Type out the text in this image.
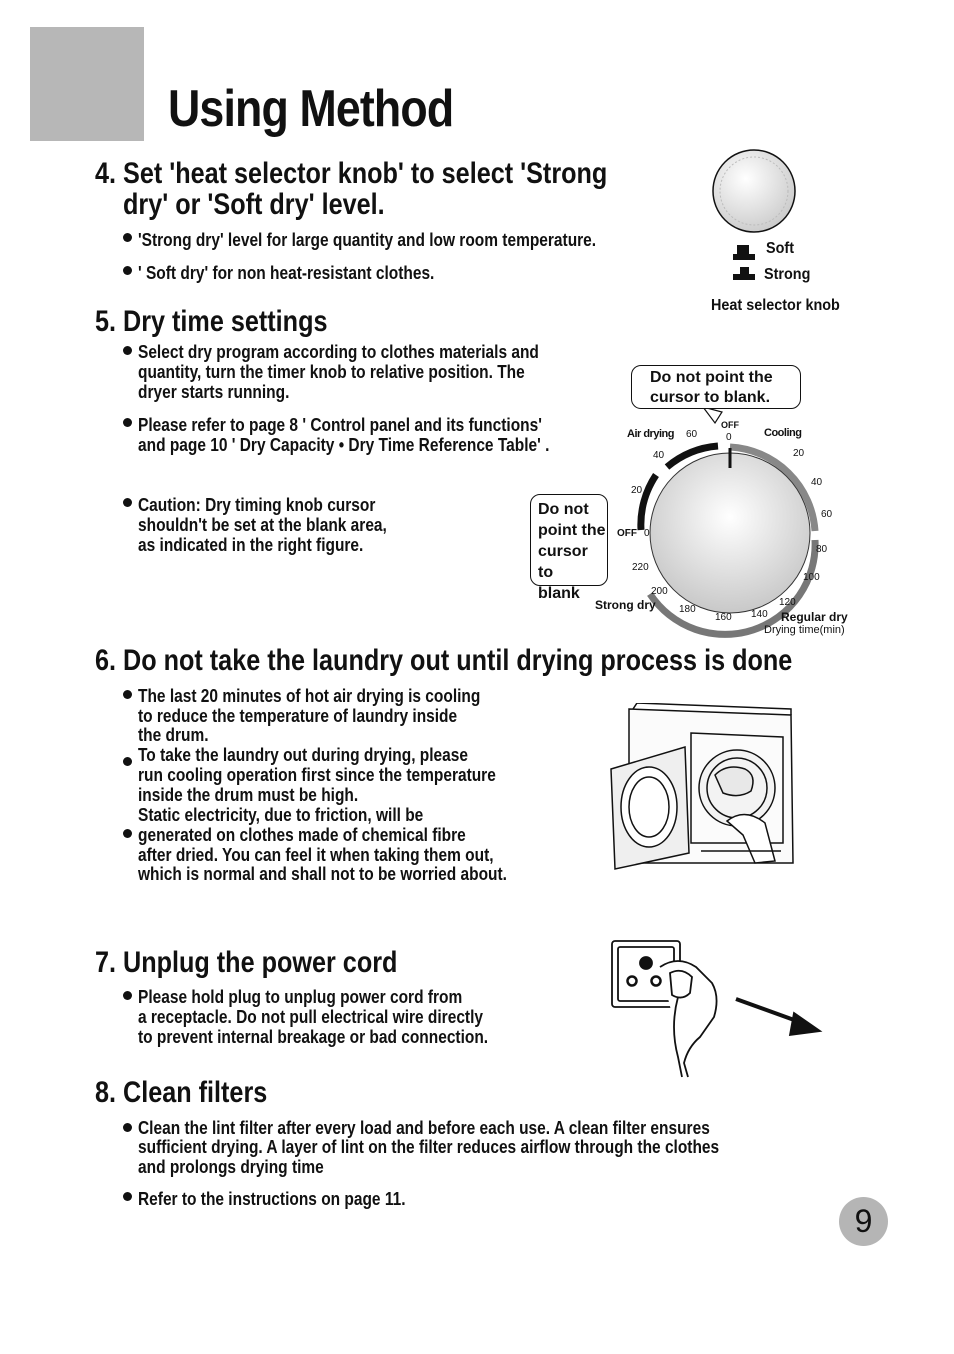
Using Method
4. Set 'heat selector knob' to select 'Strong
dry' or 'Soft dry' level.
'Strong dry' level for large quantity and low room temperature.
' Soft dry' for non heat-resistant clothes.
Soft
Strong
Heat selector knob
5. Dry time settings
Select dry program according to clothes materials and
quantity, turn the timer knob to relative position. The
dryer starts running.
Please refer to page 8 ' Control panel and its functions'
and page 10 ' Dry Capacity • Dry Time Reference Table' .
Caution: Dry timing knob cursor
shouldn't be set at the blank area,
as indicated in the right figure.
0
20
40
60
80
100
120
140
160
180
200
220
0
20
40
60
OFF
OFF
Air drying	Cooling
Strong dry
Regular dry
Drying time(min)
Do not point the
cursor to blank.
Do not
point the
cursor to
blank
6. Do not take the laundry out until drying process is done
The last 20 minutes of hot air drying is cooling
to reduce the temperature of laundry inside
the drum.
To take the laundry out during drying, please
run cooling operation first since the temperature
inside the drum must be high.
Static electricity, due to friction, will be
generated on clothes made of chemical fibre
after dried. You can feel it when taking them out,
which is normal and shall not to be worried about.
7. Unplug the power cord
Please hold plug to unplug power cord from
a receptacle. Do not pull electrical wire directly
to prevent internal breakage or bad connection.
8. Clean filters
Clean the lint filter after every load and before each use. A clean filter ensures
sufficient drying. A layer of lint on the filter reduces airflow through the clothes
and prolongs drying time
Refer to the instructions on page 11.
9
